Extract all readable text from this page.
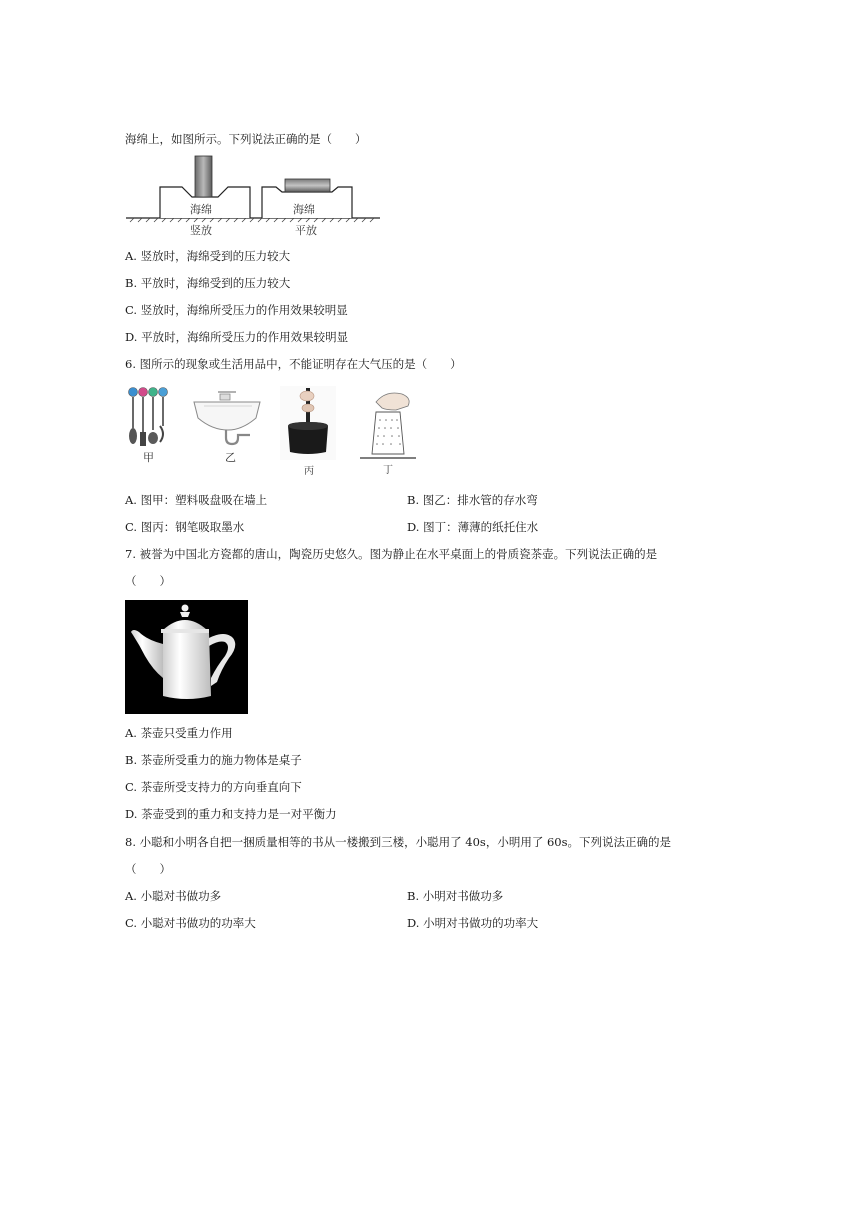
海绵上，如图所示。下列说法正确的是（　　）
海绵	海绵
竖放	平放
A. 竖放时，海绵受到的压力较大
B. 平放时，海绵受到的压力较大
C. 竖放时，海绵所受压力的作用效果较明显
D. 平放时，海绵所受压力的作用效果较明显
6. 图所示的现象或生活用品中，不能证明存在大气压的是（　　）
甲	乙
丙	丁
A. 图甲：塑料吸盘吸在墙上	B. 图乙：排水管的存水弯
C. 图丙：钢笔吸取墨水	D. 图丁：薄薄的纸托住水
7. 被誉为中国北方瓷都的唐山，陶瓷历史悠久。图为静止在水平桌面上的骨质瓷茶壶。下列说法正确的是
（　　）
A. 茶壶只受重力作用
B. 茶壶所受重力的施力物体是桌子
C. 茶壶所受支持力的方向垂直向下
D. 茶壶受到的重力和支持力是一对平衡力
8. 小聪和小明各自把一捆质量相等的书从一楼搬到三楼，小聪用了 40s，小明用了 60s。下列说法正确的是
（　　）
A. 小聪对书做功多	B. 小明对书做功多
C. 小聪对书做功的功率大	D. 小明对书做功的功率大
